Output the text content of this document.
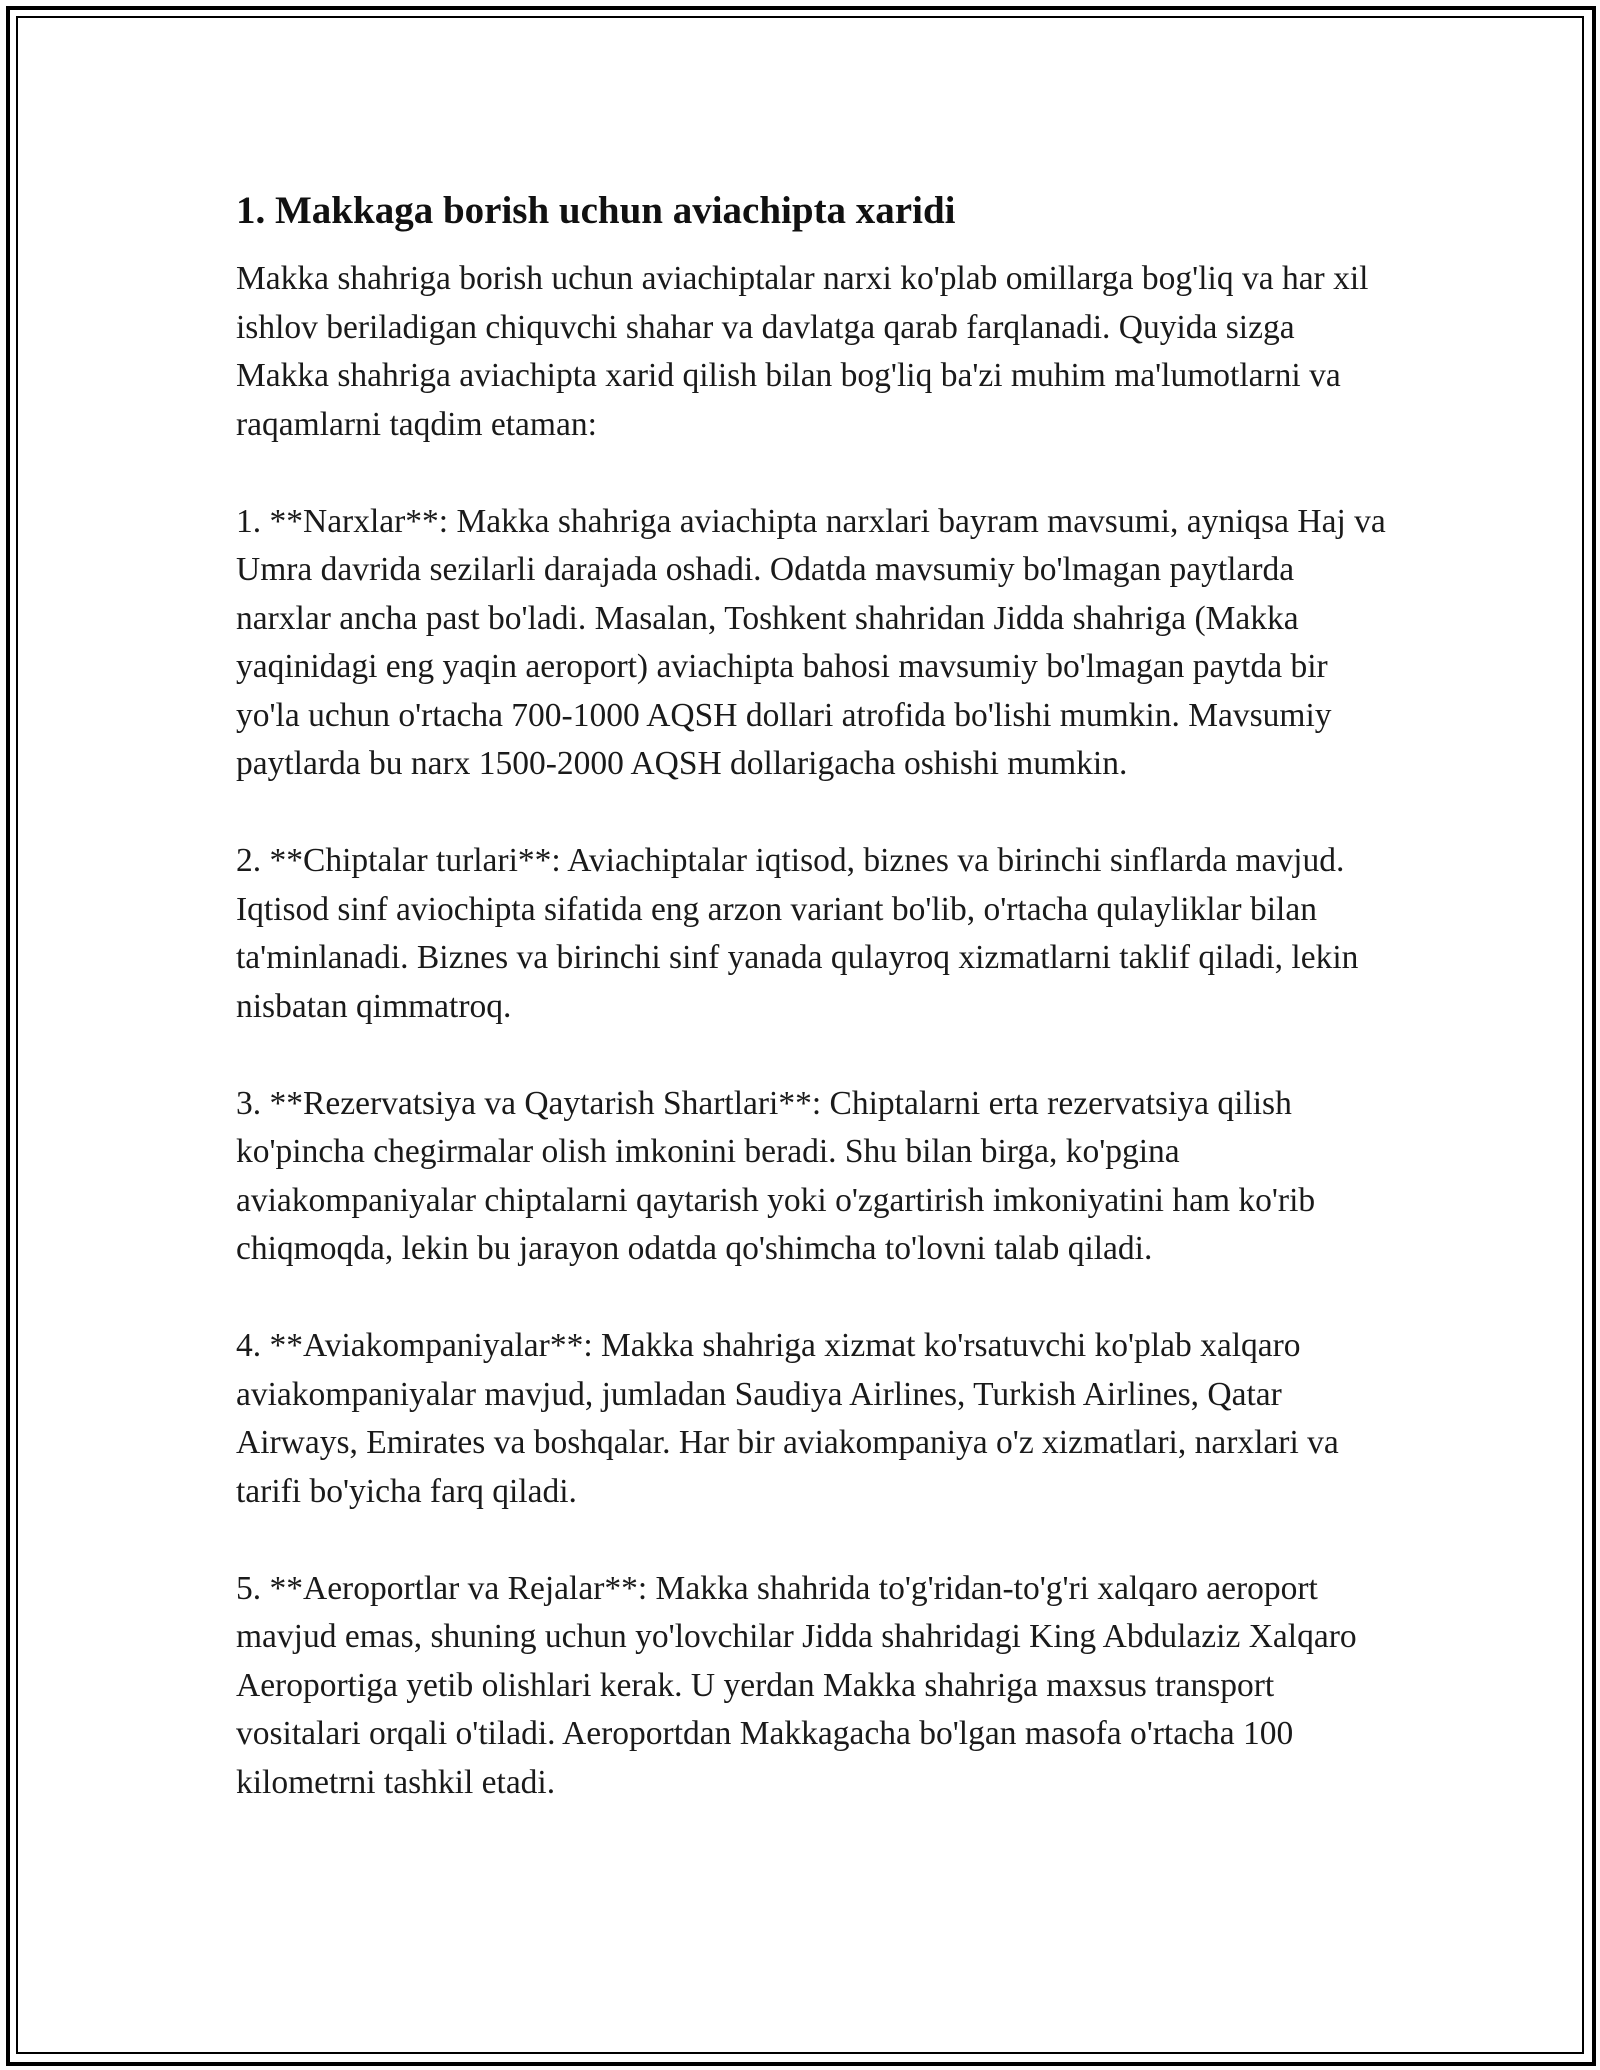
1. Makkaga borish uchun aviachipta xaridi

Makka shahriga borish uchun aviachiptalar narxi ko'plab omillarga bog'liq va har xil ishlov beriladigan chiquvchi shahar va davlatga qarab farqlanadi. Quyida sizga Makka shahriga aviachipta xarid qilish bilan bog'liq ba'zi muhim ma'lumotlarni va raqamlarni taqdim etaman:

1. **Narxlar**: Makka shahriga aviachipta narxlari bayram mavsumi, ayniqsa Haj va Umra davrida sezilarli darajada oshadi. Odatda mavsumiy bo'lmagan paytlarda narxlar ancha past bo'ladi. Masalan, Toshkent shahridan Jidda shahriga (Makka yaqinidagi eng yaqin aeroport) aviachipta bahosi mavsumiy bo'lmagan paytda bir yo'la uchun o'rtacha 700-1000 AQSH dollari atrofida bo'lishi mumkin. Mavsumiy paytlarda bu narx 1500-2000 AQSH dollarigacha oshishi mumkin.

2. **Chiptalar turlari**: Aviachiptalar iqtisod, biznes va birinchi sinflarda mavjud. Iqtisod sinf aviochipta sifatida eng arzon variant bo'lib, o'rtacha qulayliklar bilan ta'minlanadi. Biznes va birinchi sinf yanada qulayroq xizmatlarni taklif qiladi, lekin nisbatan qimmatroq.

3. **Rezervatsiya va Qaytarish Shartlari**: Chiptalarni erta rezervatsiya qilish ko'pincha chegirmalar olish imkonini beradi. Shu bilan birga, ko'pgina aviakompaniyalar chiptalarni qaytarish yoki o'zgartirish imkoniyatini ham ko'rib chiqmoqda, lekin bu jarayon odatda qo'shimcha to'lovni talab qiladi.

4. **Aviakompaniyalar**: Makka shahriga xizmat ko'rsatuvchi ko'plab xalqaro aviakompaniyalar mavjud, jumladan Saudiya Airlines, Turkish Airlines, Qatar Airways, Emirates va boshqalar. Har bir aviakompaniya o'z xizmatlari, narxlari va tarifi bo'yicha farq qiladi.

5. **Aeroportlar va Rejalar**: Makka shahrida to'g'ridan-to'g'ri xalqaro aeroport mavjud emas, shuning uchun yo'lovchilar Jidda shahridagi King Abdulaziz Xalqaro Aeroportiga yetib olishlari kerak. U yerdan Makka shahriga maxsus transport vositalari orqali o'tiladi. Aeroportdan Makkagacha bo'lgan masofa o'rtacha 100 kilometrni tashkil etadi.
